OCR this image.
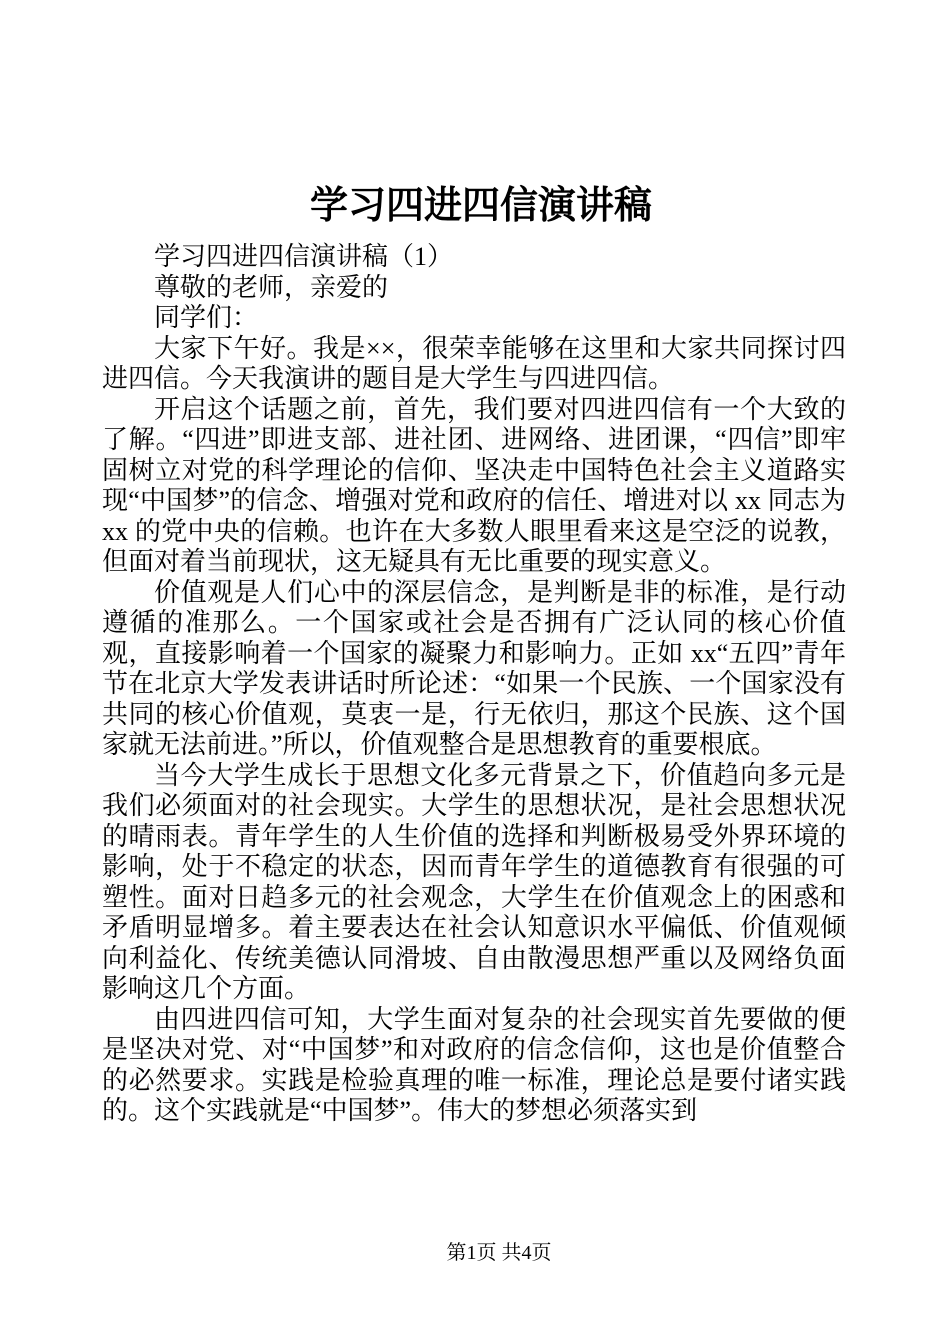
学习四进四信演讲稿

学习四进四信演讲稿（1）

尊敬的老师，亲爱的

同学们：

大家下午好。我是××，很荣幸能够在这里和大家共同探讨四进四信。今天我演讲的题目是大学生与四进四信。

开启这个话题之前，首先，我们要对四进四信有一个大致的了解。“四进”即进支部、进社团、进网络、进团课，“四信”即牢固树立对党的科学理论的信仰、坚决走中国特色社会主义道路实现“中国梦”的信念、增强对党和政府的信任、增进对以 xx 同志为 xx 的党中央的信赖。也许在大多数人眼里看来这是空泛的说教，但面对着当前现状，这无疑具有无比重要的现实意义。

价值观是人们心中的深层信念，是判断是非的标准，是行动遵循的准那么。一个国家或社会是否拥有广泛认同的核心价值观，直接影响着一个国家的凝聚力和影响力。正如 xx“五四”青年节在北京大学发表讲话时所论述：“如果一个民族、一个国家没有共同的核心价值观，莫衷一是，行无依归，那这个民族、这个国家就无法前进。”所以，价值观整合是思想教育的重要根底。

当今大学生成长于思想文化多元背景之下，价值趋向多元是我们必须面对的社会现实。大学生的思想状况，是社会思想状况的晴雨表。青年学生的人生价值的选择和判断极易受外界环境的影响，处于不稳定的状态，因而青年学生的道德教育有很强的可塑性。面对日趋多元的社会观念，大学生在价值观念上的困惑和矛盾明显增多。着主要表达在社会认知意识水平偏低、价值观倾向利益化、传统美德认同滑坡、自由散漫思想严重以及网络负面影响这几个方面。

由四进四信可知，大学生面对复杂的社会现实首先要做的便是坚决对党、对“中国梦”和对政府的信念信仰，这也是价值整合的必然要求。实践是检验真理的唯一标准，理论总是要付诸实践的。这个实践就是“中国梦”。伟大的梦想必须落实到

第1页 共4页
